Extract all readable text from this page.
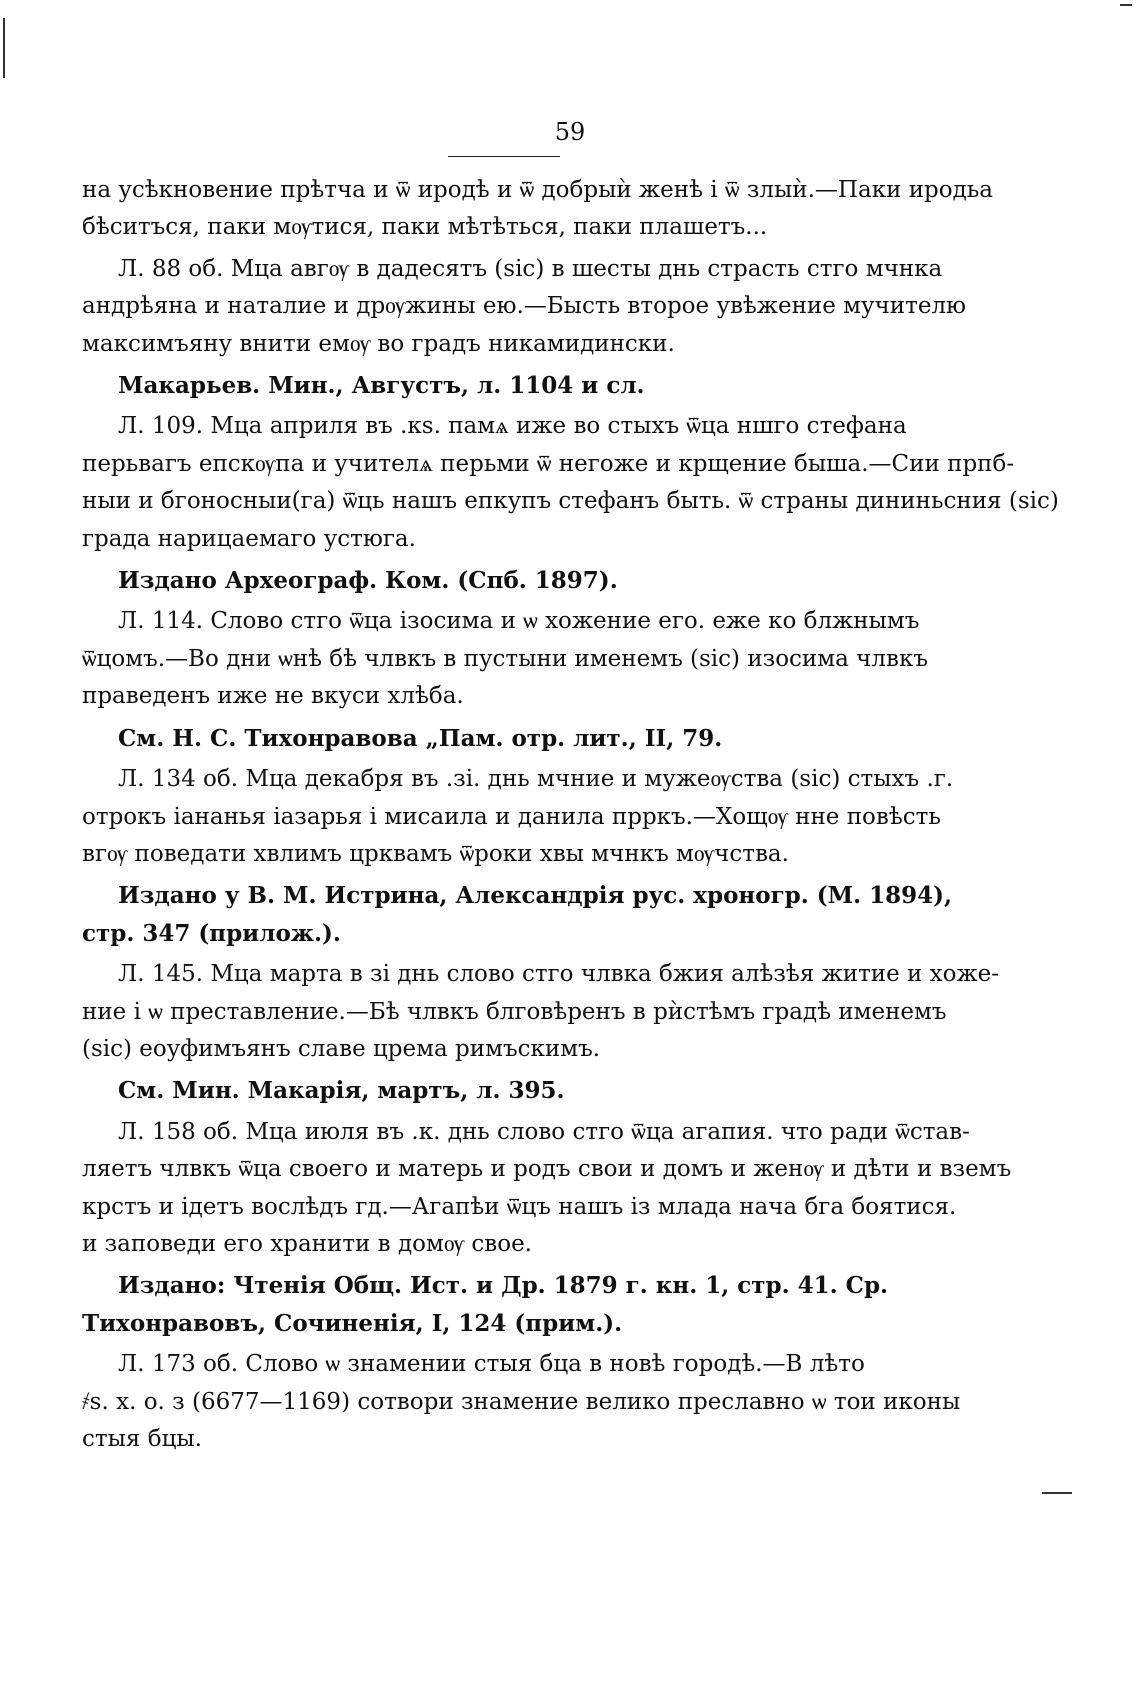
59
на усѣкновение прѣтча и ѿ иродѣ и ѿ добрыѝ женѣ і ѿ злыѝ.—Паки иродьа
бѣситъся, паки мѹтися, паки мѣтѣться, паки плашетъ...
Л. 88 об. Мца авгѹ в дадесятъ (sic) в шесты днь страсть стго мчнка
андрѣяна и наталие и дрѹжины ею.—Бысть второе увѣжение мучителю
максимъяну внити емѹ во градъ никамидински.
Макарьев. Мин., Августъ, л. 1104 и сл.
Л. 109. Мца априля въ .кѕ. памѧ иже во стыхъ ѿца ншго стефана
перьвагъ епскѹпа и учителѧ перьми ѿ негоже и крщение быша.—Сии прпб-
ныи и бгоносныи(га) ѿць нашъ епкупъ стефанъ быть. ѿ страны дининьсния (sic)
града нарицаемаго устюга.
Издано Археограф. Ком. (Спб. 1897).
Л. 114. Слово стго ѿца ізосима и ѡ хожение его. еже ко блжнымъ
ѿцомъ.—Во дни ѡнѣ бѣ члвкъ в пустыни именемъ (sic) изосима члвкъ
праведенъ иже не вкуси хлѣба.
См. Н. С. Тихонравова „Пам. отр. лит., II, 79.
Л. 134 об. Мца декабря въ .зі. днь мчние и мужеѹства (sic) стыхъ .г.
отрокъ іананья іазарья і мисаила и данила прркъ.—Хощѹ нне повѣсть
вгѹ поведати хвлимъ црквамъ ѿроки хвы мчнкъ мѹчства.
Издано у В. М. Истрина, Александрія рус. хроногр. (М. 1894),
стр. 347 (прилож.).
Л. 145. Мца марта в зі днь слово стго члвка бжия алѣзѣя житие и хоже-
ние і ѡ преставление.—Бѣ члвкъ блговѣренъ в рѝстѣмъ градѣ именемъ
(sic) еоуфимъянъ славе црема римъскимъ.
См. Мин. Макарія, мартъ, л. 395.
Л. 158 об. Мца июля въ .к. днь слово стго ѿца агапия. что ради ѿстав-
ляетъ члвкъ ѿца своего и матерь и родъ свои и домъ и женѹ и дѣти и вземъ
крстъ и ідетъ вослѣдъ гд.—Агапѣи ѿцъ нашъ із млада нача бга боятися.
и заповеди его хранити в домѹ свое.
Издано: Чтенія Общ. Ист. и Др. 1879 г. кн. 1, стр. 41. Ср.
Тихонравовъ, Сочиненія, І, 124 (прим.).
Л. 173 об. Слово ѡ знамении стыя бца в новѣ городѣ.—В лѣто
҂ѕ. х. о. з (6677—1169) сотвори знамение велико преславно ѡ тои иконы
стыя бцы.
